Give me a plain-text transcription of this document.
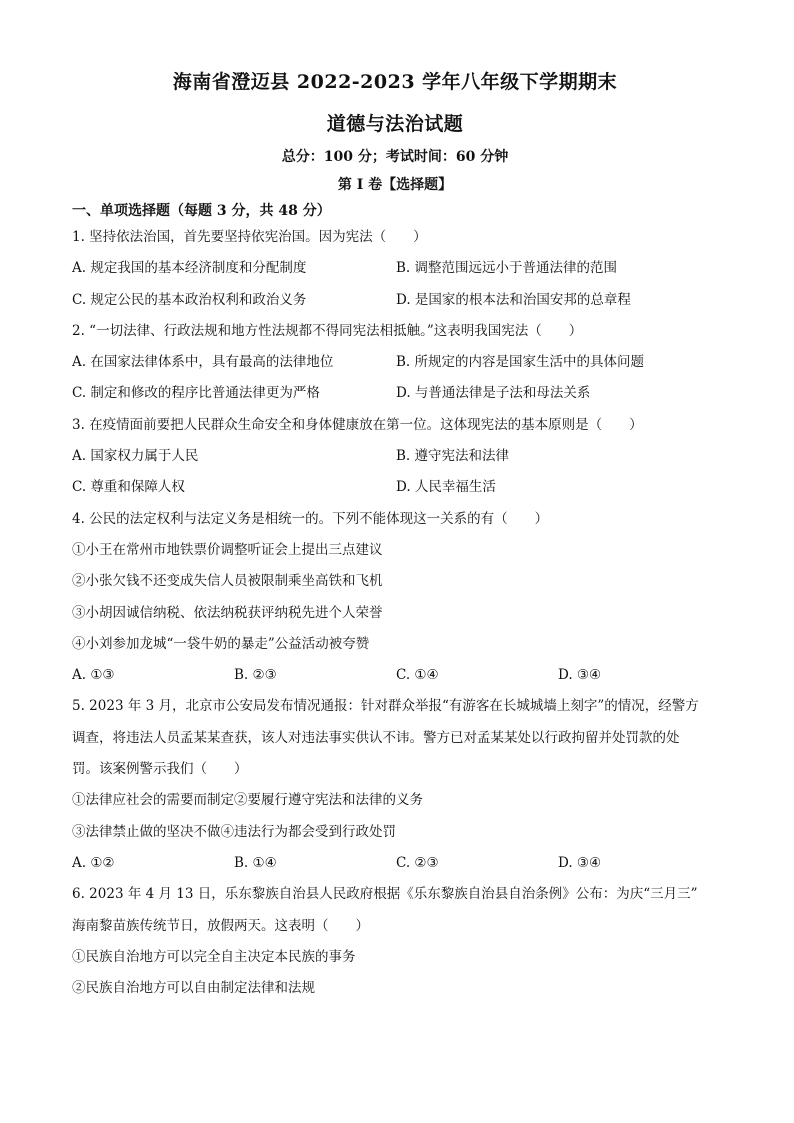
海南省澄迈县 2022-2023 学年八年级下学期期末
道德与法治试题
总分：100 分；考试时间：60 分钟
第 I 卷【选择题】
一、单项选择题（每题 3 分，共 48 分）
1. 坚持依法治国，首先要坚持依宪治国。因为宪法（　　）
A. 规定我国的基本经济制度和分配制度	B. 调整范围远远小于普通法律的范围
C. 规定公民的基本政治权利和政治义务	D. 是国家的根本法和治国安邦的总章程
2. “一切法律、行政法规和地方性法规都不得同宪法相抵触。”这表明我国宪法（　　）
A. 在国家法律体系中，具有最高的法律地位	B. 所规定的内容是国家生活中的具体问题
C. 制定和修改的程序比普通法律更为严格	D. 与普通法律是子法和母法关系
3. 在疫情面前要把人民群众生命安全和身体健康放在第一位。这体现宪法的基本原则是（　　）
A. 国家权力属于人民	B. 遵守宪法和法律
C. 尊重和保障人权	D. 人民幸福生活
4. 公民的法定权利与法定义务是相统一的。下列不能体现这一关系的有（　　）
①小王在常州市地铁票价调整听证会上提出三点建议
②小张欠钱不还变成失信人员被限制乘坐高铁和飞机
③小胡因诚信纳税、依法纳税获评纳税先进个人荣誉
④小刘参加龙城“一袋牛奶的暴走”公益活动被夸赞
A. ①③	B. ②③	C. ①④	D. ③④
5. 2023 年 3 月，北京市公安局发布情况通报：针对群众举报“有游客在长城城墙上刻字”的情况，经警方
调查，将违法人员孟某某查获，该人对违法事实供认不讳。警方已对孟某某处以行政拘留并处罚款的处
罚。该案例警示我们（　　）
①法律应社会的需要而制定②要履行遵守宪法和法律的义务
③法律禁止做的坚决不做④违法行为都会受到行政处罚
A. ①②	B. ①④	C. ②③	D. ③④
6. 2023 年 4 月 13 日，乐东黎族自治县人民政府根据《乐东黎族自治县自治条例》公布：为庆“三月三”
海南黎苗族传统节日，放假两天。这表明（　　）
①民族自治地方可以完全自主决定本民族的事务
②民族自治地方可以自由制定法律和法规
